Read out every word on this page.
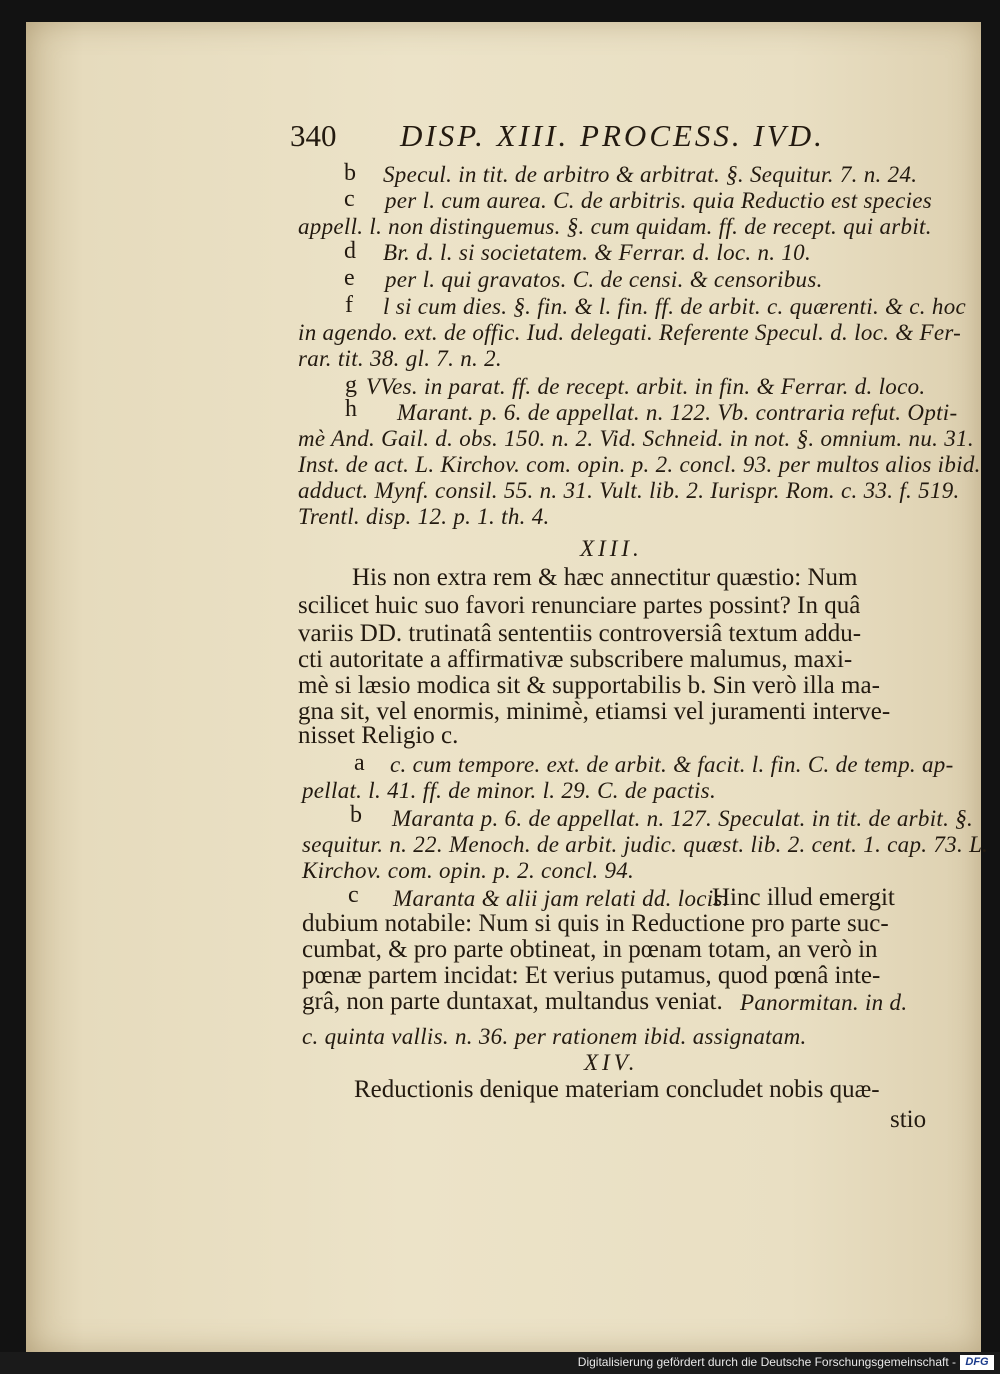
340 DISP. XIII. PROCESS. IVD.
b Specul. in tit. de arbitro & arbitrat. §. Sequitur. 7. n. 24.
c per l. cum aurea. C. de arbitris. quia Reductio est species
appell. l. non distinguemus. §. cum quidam. ff. de recept. qui arbit.
d Br. d. l. si societatem. & Ferrar. d. loc. n. 10.
e per l. qui gravatos. C. de censi. & censoribus.
f l si cum dies. §. fin. & l. fin. ff. de arbit. c. quærenti. & c. hoc
in agendo. ext. de offic. Iud. delegati. Referente Specul. d. loc. & Fer-
rar. tit. 38. gl. 7. n. 2.
g VVes. in parat. ff. de recept. arbit. in fin. & Ferrar. d. loco.
h Marant. p. 6. de appellat. n. 122. Vb. contraria refut. Opti-
mè And. Gail. d. obs. 150. n. 2. Vid. Schneid. in not. §. omnium. nu. 31.
Inst. de act. L. Kirchov. com. opin. p. 2. concl. 93. per multos alios ibid.
adduct. Mynf. consil. 55. n. 31. Vult. lib. 2. Iurispr. Rom. c. 33. f. 519.
Trentl. disp. 12. p. 1. th. 4.
XIII.
His non extra rem & hæc annectitur quæstio: Num
scilicet huic suo favori renunciare partes possint? In quâ
variis DD. trutinatâ sententiis controversiâ textum addu-
cti autoritate a affirmativæ subscribere malumus, maxi-
mè si læsio modica sit & supportabilis b. Sin verò illa ma-
gna sit, vel enormis, minimè, etiamsi vel juramenti interve-
nisset Religio c.
a c. cum tempore. ext. de arbit. & facit. l. fin. C. de temp. ap-
pellat. l. 41. ff. de minor. l. 29. C. de pactis.
b Maranta p. 6. de appellat. n. 127. Speculat. in tit. de arbit. §.
sequitur. n. 22. Menoch. de arbit. judic. quæst. lib. 2. cent. 1. cap. 73. L.
Kirchov. com. opin. p. 2. concl. 94.
c Maranta & alii jam relati dd. locis.
Hinc illud emergit
dubium notabile: Num si quis in Reductione pro parte suc-
cumbat, & pro parte obtineat, in pœnam totam, an verò in
pœnæ partem incidat: Et verius putamus, quod pœnâ inte-
grâ, non parte duntaxat, multandus veniat. Panormitan. in d.
c. quinta vallis. n. 36. per rationem ibid. assignatam.
XIV.
Reductionis denique materiam concludet nobis quæ-
stio
Digitalisierung gefördert durch die Deutsche Forschungsgemeinschaft - DFG
